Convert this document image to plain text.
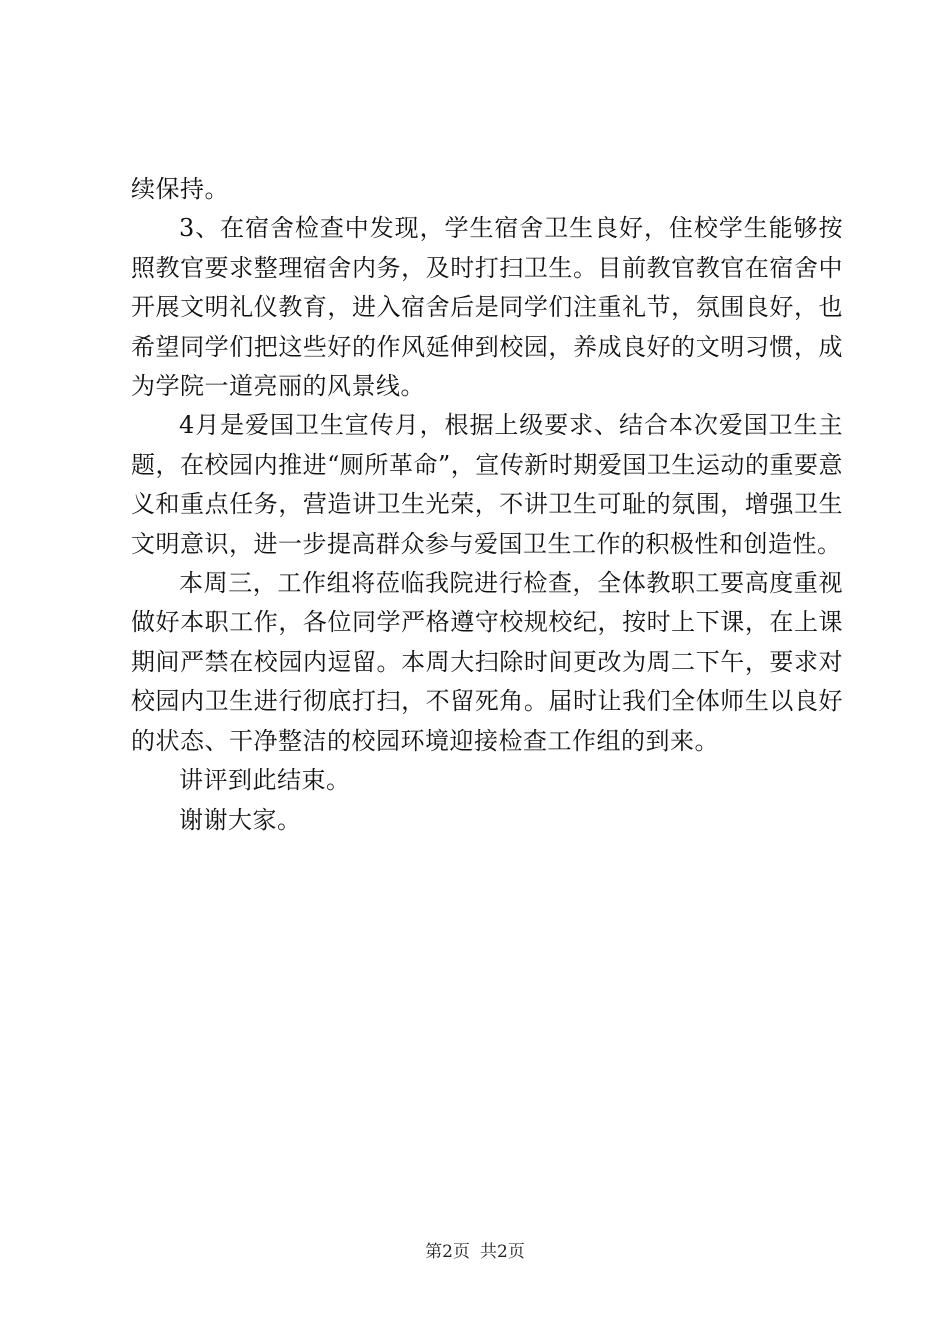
续保持。

3、在宿舍检查中发现，学生宿舍卫生良好，住校学生能够按照教官要求整理宿舍内务，及时打扫卫生。目前教官教官在宿舍中开展文明礼仪教育，进入宿舍后是同学们注重礼节，氛围良好，也希望同学们把这些好的作风延伸到校园，养成良好的文明习惯，成为学院一道亮丽的风景线。

4月是爱国卫生宣传月，根据上级要求、结合本次爱国卫生主题，在校园内推进“厕所革命”，宣传新时期爱国卫生运动的重要意义和重点任务，营造讲卫生光荣，不讲卫生可耻的氛围，增强卫生文明意识，进一步提高群众参与爱国卫生工作的积极性和创造性。

本周三，工作组将莅临我院进行检查，全体教职工要高度重视做好本职工作，各位同学严格遵守校规校纪，按时上下课，在上课期间严禁在校园内逗留。本周大扫除时间更改为周二下午，要求对校园内卫生进行彻底打扫，不留死角。届时让我们全体师生以良好的状态、干净整洁的校园环境迎接检查工作组的到来。

讲评到此结束。

谢谢大家。

第2页 共2页
